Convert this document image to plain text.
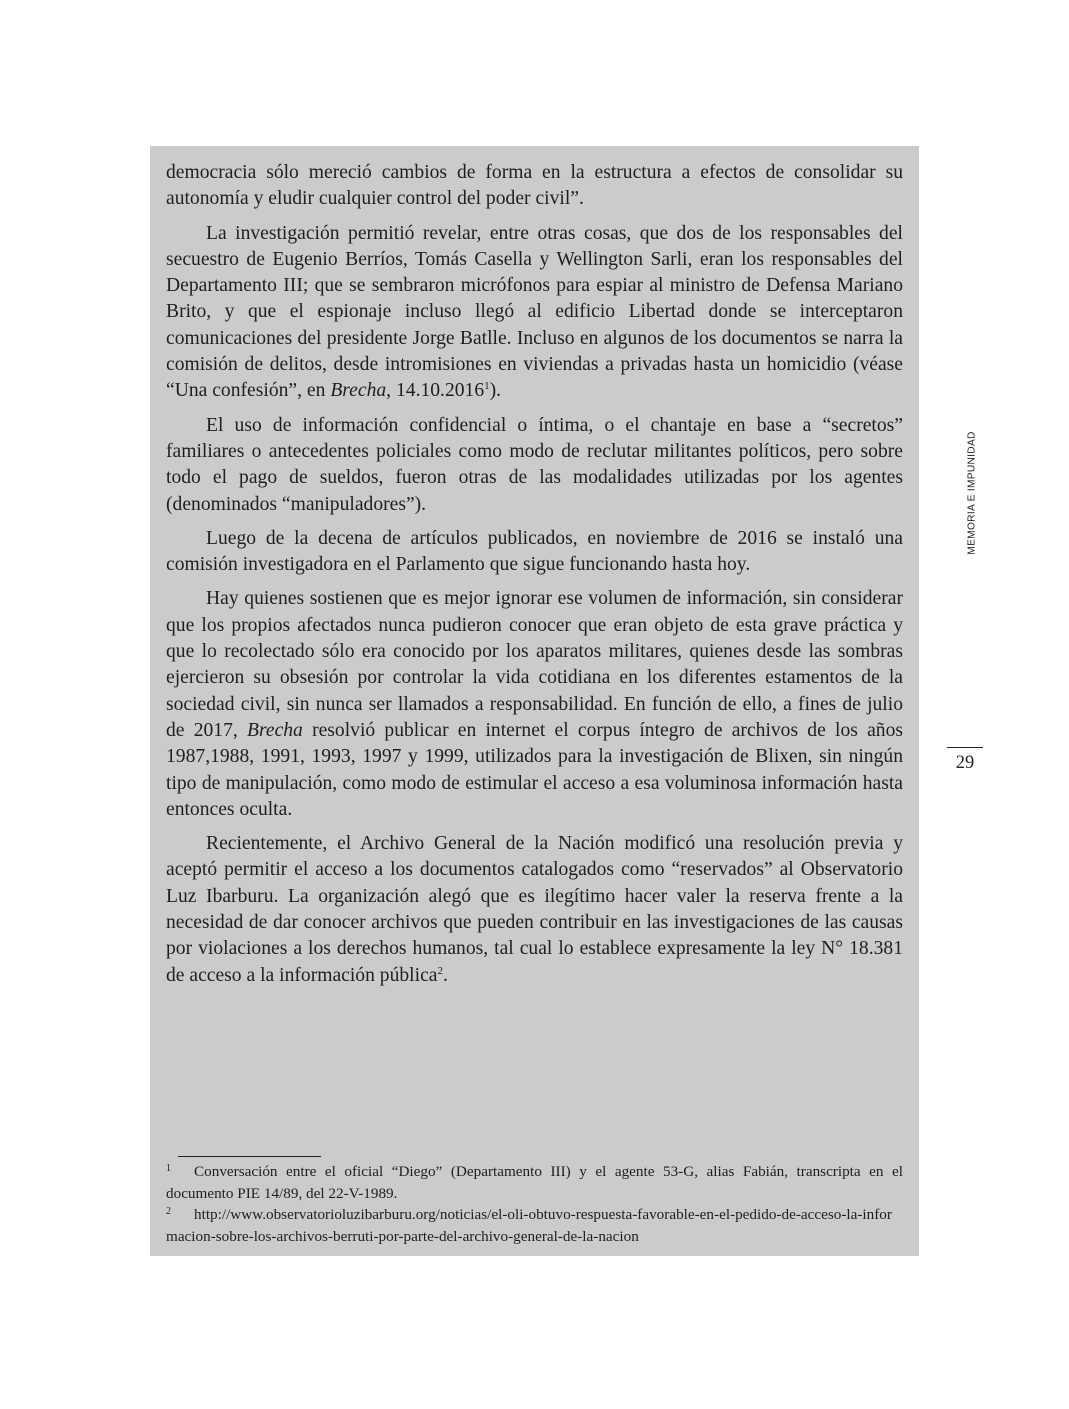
democracia sólo mereció cambios de forma en la estructura a efectos de consolidar su autonomía y eludir cualquier control del poder civil”.

La investigación permitió revelar, entre otras cosas, que dos de los responsables del secuestro de Eugenio Berríos, Tomás Casella y Wellington Sarli, eran los responsables del Departamento III; que se sembraron micrófonos para espiar al ministro de Defensa Mariano Brito, y que el espionaje incluso llegó al edificio Libertad donde se interceptaron comunicaciones del presidente Jorge Batlle. Incluso en algunos de los documentos se narra la comisión de delitos, desde intromisiones en viviendas a privadas hasta un homicidio (véase “Una confesión”, en Brecha, 14.10.2016$^1$).

El uso de información confidencial o íntima, o el chantaje en base a “secretos” familiares o antecedentes policiales como modo de reclutar militantes políticos, pero sobre todo el pago de sueldos, fueron otras de las modalidades utilizadas por los agentes (denominados “manipuladores”).

Luego de la decena de artículos publicados, en noviembre de 2016 se instaló una comisión investigadora en el Parlamento que sigue funcionando hasta hoy.

Hay quienes sostienen que es mejor ignorar ese volumen de información, sin considerar que los propios afectados nunca pudieron conocer que eran objeto de esta grave práctica y que lo recolectado sólo era conocido por los aparatos militares, quienes desde las sombras ejercieron su obsesión por controlar la vida cotidiana en los diferentes estamentos de la sociedad civil, sin nunca ser llamados a responsabilidad. En función de ello, a fines de julio de 2017, Brecha resolvió publicar en internet el corpus íntegro de archivos de los años 1987,1988, 1991, 1993, 1997 y 1999, utilizados para la investigación de Blixen, sin ningún tipo de manipulación, como modo de estimular el acceso a esa voluminosa información hasta entonces oculta.

Recientemente, el Archivo General de la Nación modificó una resolución previa y aceptó permitir el acceso a los documentos catalogados como “reservados” al Observatorio Luz Ibarburu. La organización alegó que es ilegítimo hacer valer la reserva frente a la necesidad de dar conocer archivos que pueden contribuir en las investigaciones de las causas por violaciones a los derechos humanos, tal cual lo establece expresamente la ley N° 18.381 de acceso a la información pública$^2$.

1 Conversación entre el oficial “Diego” (Departamento III) y el agente 53-G, alias Fabián, transcripta en el documento PIE 14/89, del 22-V-1989.

2 http://www.observatorioluzibarburu.org/noticias/el-oli-obtuvo-respuesta-favorable-en-el-pedido-de-acceso-la-informacion-sobre-los-archivos-berruti-por-parte-del-archivo-general-de-la-nacion

MEMORIA E IMPUNIDAD
29
